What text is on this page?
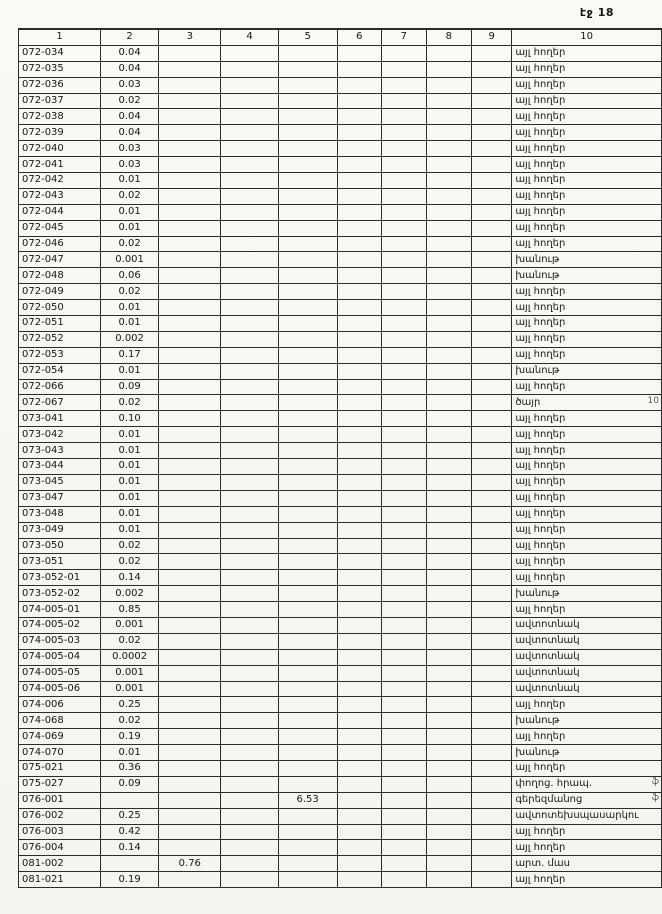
էջ 18
1	2	3	4	5	6	7	8	9	10
072-034	0.04								այլ հողեր
072-035	0.04								այլ հողեր
072-036	0.03								այլ հողեր
072-037	0.02								այլ հողեր
072-038	0.04								այլ հողեր
072-039	0.04								այլ հողեր
072-040	0.03								այլ հողեր
072-041	0.03								այլ հողեր
072-042	0.01								այլ հողեր
072-043	0.02								այլ հողեր
072-044	0.01								այլ հողեր
072-045	0.01								այլ հողեր
072-046	0.02								այլ հողեր
072-047	0.001								խանութ
072-048	0.06								խանութ
072-049	0.02								այլ հողեր
072-050	0.01								այլ հողեր
072-051	0.01								այլ հողեր
072-052	0.002								այլ հողեր
072-053	0.17								այլ հողեր
072-054	0.01								խանութ
072-066	0.09								այլ հողեր
072-067	0.02								ծայր
073-041	0.10								այլ հողեր
073-042	0.01								այլ հողեր
073-043	0.01								այլ հողեր
073-044	0.01								այլ հողեր
073-045	0.01								այլ հողեր
073-047	0.01								այլ հողեր
073-048	0.01								այլ հողեր
073-049	0.01								այլ հողեր
073-050	0.02								այլ հողեր
073-051	0.02								այլ հողեր
073-052-01	0.14								այլ հողեր
073-052-02	0.002								խանութ
074-005-01	0.85								այլ հողեր
074-005-02	0.001								ավտոտնակ
074-005-03	0.02								ավտոտնակ
074-005-04	0.0002								ավտոտնակ
074-005-05	0.001								ավտոտնակ
074-005-06	0.001								ավտոտնակ
074-006	0.25								այլ հողեր
074-068	0.02								խանութ
074-069	0.19								այլ հողեր
074-070	0.01								խանութ
075-021	0.36								այլ հողեր
075-027	0.09								փողոց. հրապ.
076-001				6.53					գերեզմանոց
076-002	0.25								ավտոտեխսպասարկու
076-003	0.42								այլ հողեր
076-004	0.14								այլ հողեր
081-002		0.76							արտ. մաս
081-021	0.19								այլ հողեր
10
ֆ
ֆ
